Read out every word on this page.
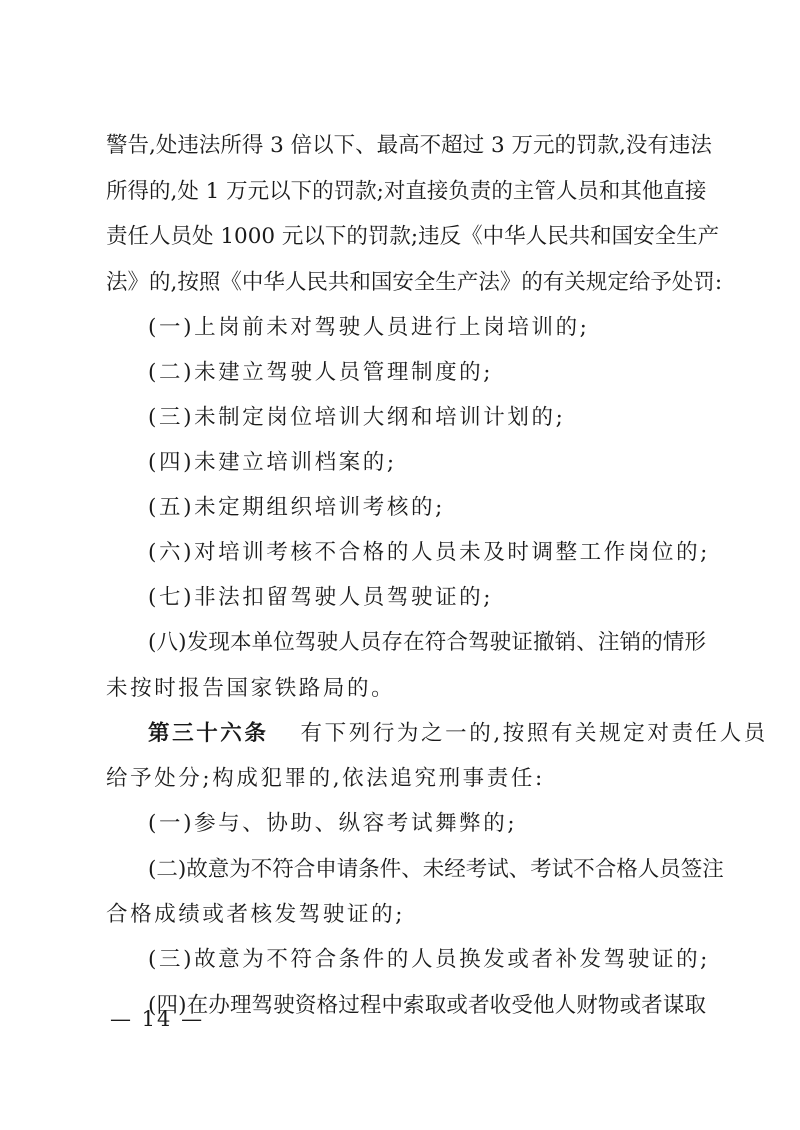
警告,处违法所得 3 倍以下、最高不超过 3 万元的罚款,没有违法
所得的,处 1 万元以下的罚款;对直接负责的主管人员和其他直接
责任人员处 1000 元以下的罚款;违反《中华人民共和国安全生产
法》的,按照《中华人民共和国安全生产法》的有关规定给予处罚:
(一)上岗前未对驾驶人员进行上岗培训的;
(二)未建立驾驶人员管理制度的;
(三)未制定岗位培训大纲和培训计划的;
(四)未建立培训档案的;
(五)未定期组织培训考核的;
(六)对培训考核不合格的人员未及时调整工作岗位的;
(七)非法扣留驾驶人员驾驶证的;
(八)发现本单位驾驶人员存在符合驾驶证撤销、注销的情形
未按时报告国家铁路局的。
第三十六条 有下列行为之一的,按照有关规定对责任人员
给予处分;构成犯罪的,依法追究刑事责任:
(一)参与、协助、纵容考试舞弊的;
(二)故意为不符合申请条件、未经考试、考试不合格人员签注
合格成绩或者核发驾驶证的;
(三)故意为不符合条件的人员换发或者补发驾驶证的;
(四)在办理驾驶资格过程中索取或者收受他人财物或者谋取
— 14 —
